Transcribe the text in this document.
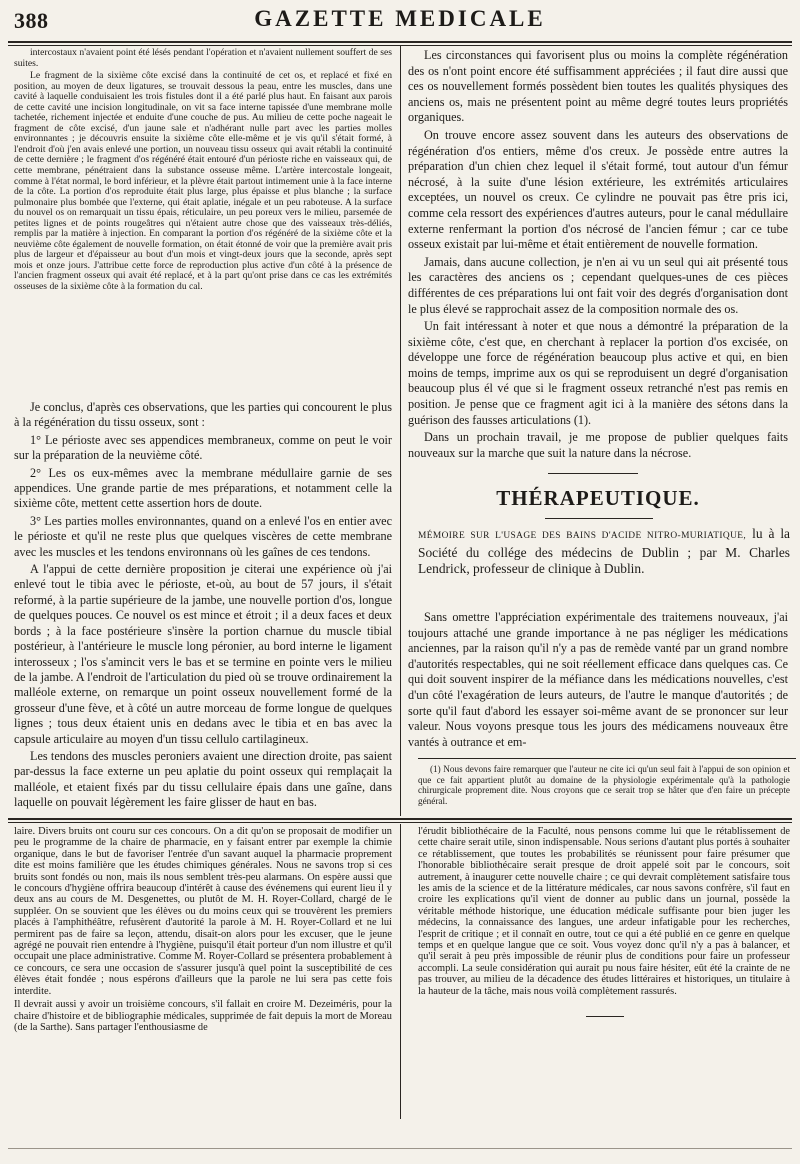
388	GAZETTE MEDICALE

intercostaux n'avaient point été lésés pendant l'opération et n'avaient nullement souffert de ses suites.

Le fragment de la sixième côte excisé dans la continuité de cet os, et replacé et fixé en position, au moyen de deux ligatures, se trouvait dessous la peau, entre les muscles, dans une cavité à laquelle conduisaient les trois fistules dont il a été parlé plus haut. En faisant aux parois de cette cavité une incision longitudinale, on vit sa face interne tapissée d'une membrane molle tachetée, richement injectée et enduite d'une couche de pus. Au milieu de cette poche nageait le fragment de côte excisé, d'un jaune sale et n'adhérant nulle part avec les parties molles environnantes ; je découvris ensuite la sixième côte elle-même et je vis qu'il s'était formé, à l'endroit d'où j'en avais enlevé une portion, un nouveau tissu osseux qui avait rétabli la continuité de cette dernière ; le fragment d'os régénéré était entouré d'un périoste riche en vaisseaux qui, de cette membrane, pénétraient dans la substance osseuse même. L'artère intercostale longeait, comme à l'état normal, le bord inférieur, et la plèvre était partout intimement unie à la face interne de la côte. La portion d'os reproduite était plus large, plus épaisse et plus blanche ; la surface pulmonaire plus bombée que l'externe, qui était aplatie, inégale et un peu raboteuse. A la surface du nouvel os on remarquait un tissu épais, réticulaire, un peu poreux vers le milieu, parsemée de petites lignes et de points rougeâtres qui n'étaient autre chose que des vaisseaux très-déliés, remplis par la matière à injection. En comparant la portion d'os régénéré de la sixième côte et la neuvième côte également de nouvelle formation, on était étonné de voir que la première avait pris plus de largeur et d'épaisseur au bout d'un mois et vingt-deux jours que la seconde, après sept mois et onze jours. J'attribue cette force de reproduction plus active d'un côté à la présence de l'ancien fragment osseux qui avait été replacé, et à la part qu'ont prise dans ce cas les extrémités osseuses de la sixième côte à la formation du cal.

Je conclus, d'après ces observations, que les parties qui concourent le plus à la régénération du tissu osseux, sont :

1° Le périoste avec ses appendices membraneux, comme on peut le voir sur la préparation de la neuvième côté.

2° Les os eux-mêmes avec la membrane médullaire garnie de ses appendices. Une grande partie de mes préparations, et notamment celle la sixième côte, mettent cette assertion hors de doute.

3° Les parties molles environnantes, quand on a enlevé l'os en entier avec le périoste et qu'il ne reste plus que quelques viscères de cette membrane avec les muscles et les tendons environnans où les gaînes de ces tendons.

A l'appui de cette dernière proposition je citerai une expérience où j'ai enlevé tout le tibia avec le périoste, et-où, au bout de 57 jours, il s'était reformé, à la partie supérieure de la jambe, une nouvelle portion d'os, longue de quelques pouces. Ce nouvel os est mince et étroit ; il a deux faces et deux bords ; à la face postérieure s'insère la portion charnue du muscle tibial postérieur, à l'antérieure le muscle long péronier, au bord interne le ligament interosseux ; l'os s'amincit vers le bas et se termine en pointe vers le milieu de la jambe. A l'endroit de l'articulation du pied où se trouve ordinairement la malléole externe, on remarque un point osseux nouvellement formé de la grosseur d'une fève, et à côté un autre morceau de forme longue de quelques lignes ; tous deux étaient unis en dedans avec le tibia et en bas avec la capsule articulaire au moyen d'un tissu cellulo cartilagineux.

Les tendons des muscles peroniers avaient une direction droite, pas saient par-dessus la face externe un peu aplatie du point osseux qui remplaçait la malléole, et etaient fixés par du tissu cellulaire épais dans une gaîne, dans laquelle on pouvait légèrement les faire glisser de haut en bas.

Les circonstances qui favorisent plus ou moins la complète régénération des os n'ont point encore été suffisamment appréciées ; il faut dire aussi que ces os nouvellement formés possèdent bien toutes les qualités physiques des anciens os, mais ne présentent point au même degré toutes leurs propriétés organiques.

On trouve encore assez souvent dans les auteurs des observations de régénération d'os entiers, même d'os creux. Je possède entre autres la préparation d'un chien chez lequel il s'était formé, tout autour d'un fémur nécrosé, à la suite d'une lésion extérieure, les extrémités articulaires exceptées, un nouvel os creux. Ce cylindre ne pouvait pas être pris ici, comme cela ressort des expériences d'autres auteurs, pour le canal médullaire externe renfermant la portion d'os nécrosé de l'ancien fémur ; car ce tube osseux existait par lui-même et était entièrement de nouvelle formation.

Jamais, dans aucune collection, je n'en ai vu un seul qui ait présenté tous les caractères des anciens os ; cependant quelques-unes de ces pièces différentes de ces préparations lui ont fait voir des degrés d'organisation dont le plus élevé se rapprochait assez de la composition normale des os.

Un fait intéressant à noter et que nous a démontré la préparation de la sixième côte, c'est que, en cherchant à replacer la portion d'os excisée, on développe une force de régénération beaucoup plus active et qui, en bien moins de temps, imprime aux os qui se reproduisent un degré d'organisation beaucoup plus él vé que si le fragment osseux retranché n'est pas remis en position. Je pense que ce fragment agit ici à la manière des sétons dans la guérison des fausses articulations (1).

Dans un prochain travail, je me propose de publier quelques faits nouveaux sur la marche que suit la nature dans la nécrose.

THÉRAPEUTIQUE.
MÉMOIRE SUR L'USAGE DES BAINS D'ACIDE NITRO-MURIATIQUE, lu à la Société du collége des médecins de Dublin ; par M. Charles Lendrick, professeur de clinique à Dublin.

Sans omettre l'appréciation expérimentale des traitemens nouveaux, j'ai toujours attaché une grande importance à ne pas négliger les médications anciennes, par la raison qu'il n'y a pas de remède vanté par un grand nombre d'autorités respectables, qui ne soit réellement efficace dans quelques cas. Ce qui doit souvent inspirer de la méfiance dans les médications nouvelles, c'est d'un côté l'exagération de leurs auteurs, de l'autre le manque d'autorités ; de sorte qu'il faut d'abord les essayer soi-même avant de se prononcer sur leur valeur. Nous voyons presque tous les jours des médicamens nouveaux être vantés à outrance et em-

(1) Nous devons faire remarquer que l'auteur ne cite ici qu'un seul fait à l'appui de son opinion et que ce fait appartient plutôt au domaine de la physiologie expérimentale qu'à la pathologie chirurgicale proprement dite. Nous croyons que ce serait trop se hâter que d'en faire un précepte général.

laire. Divers bruits ont couru sur ces concours. On a dit qu'on se proposait de modifier un peu le programme de la chaire de pharmacie, en y faisant entrer par exemple la chimie organique, dans le but de favoriser l'entrée d'un savant auquel la pharmacie proprement dite est moins familière que les études chimiques générales. Nous ne savons trop si ces bruits sont fondés ou non, mais ils nous semblent très-peu alarmans. On espère aussi que le concours d'hygiène offrira beaucoup d'intérêt à cause des événemens qui eurent lieu il y deux ans au cours de M. Desgenettes, ou plutôt de M. H. Royer-Collard, chargé de le suppléer. On se souvient que les élèves ou du moins ceux qui se trouvèrent les premiers placés à l'amphithéâtre, refusèrent d'autorité la parole à M. H. Royer-Collard et ne lui permirent pas de faire sa leçon, attendu, disait-on alors pour les excuser, que le jeune agrégé ne pouvait rien entendre à l'hygiène, puisqu'il était porteur d'un nom illustre et qu'il occupait une place administrative. Comme M. Royer-Collard se présentera probablement à ce concours, ce sera une occasion de s'assurer jusqu'à quel point la susceptibilité de ces élèves était fondée ; nous espérons d'ailleurs que la parole ne lui sera pas cette fois interdite.

Il devrait aussi y avoir un troisième concours, s'il fallait en croire M. Dezeiméris, pour la chaire d'histoire et de bibliographie médicales, supprimée de fait depuis la mort de Moreau (de la Sarthe). Sans partager l'enthousiasme de

l'érudit bibliothécaire de la Faculté, nous pensons comme lui que le rétablissement de cette chaire serait utile, sinon indispensable. Nous serions d'autant plus portés à souhaiter ce rétablissement, que toutes les probabilités se réunissent pour faire présumer que l'honorable bibliothécaire serait presque de droit appelé soit par le concours, soit autrement, à inaugurer cette nouvelle chaire ; ce qui devrait complètement satisfaire tous les amis de la science et de la littérature médicales, car nous savons confrère, s'il faut en croire les explications qu'il vient de donner au public dans un journal, possède la véritable méthode historique, une éducation médicale suffisante pour bien juger les médecins, la connaissance des langues, une ardeur infatigable pour les recherches, l'esprit de critique ; et il connaît en outre, tout ce qui a été publié en ce genre en quelque temps et en quelque langue que ce soit. Vous voyez donc qu'il n'y a pas à balancer, et qu'il serait à peu près impossible de réunir plus de conditions pour faire un professeur accompli. La seule considération qui aurait pu nous faire hésiter, eût été la crainte de ne pas trouver, au milieu de la décadence des études littéraires et historiques, un titulaire à la hauteur de la tâche, mais nous voilà complètement rassurés.
